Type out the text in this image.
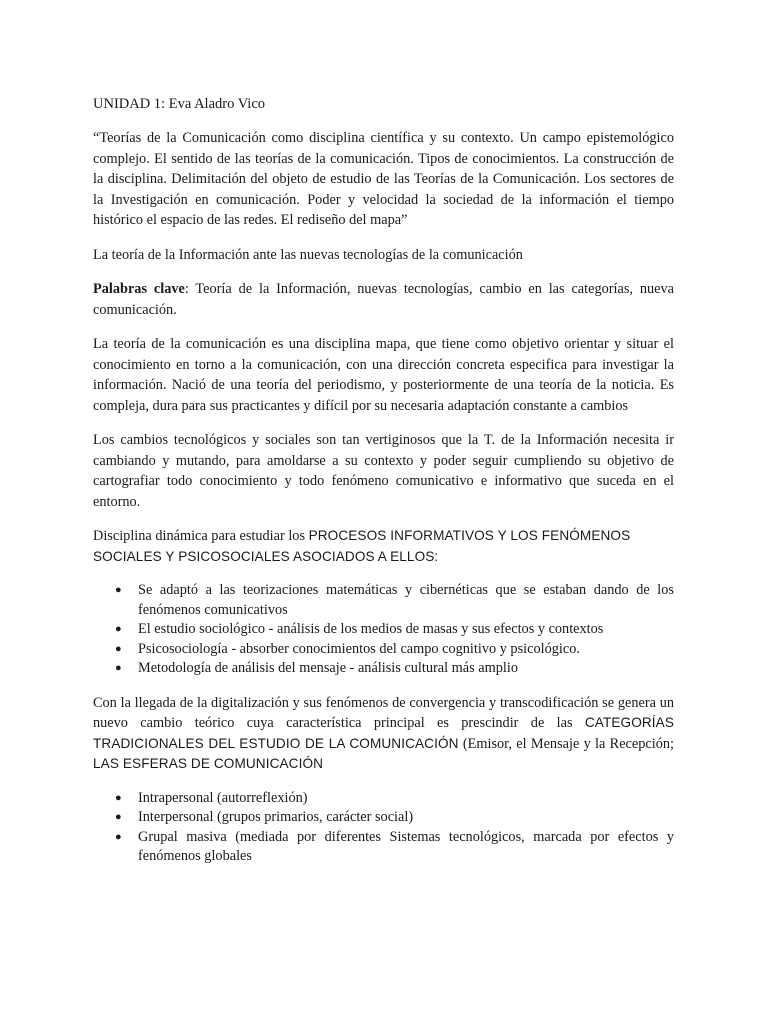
UNIDAD 1: Eva Aladro Vico

“Teorías de la Comunicación como disciplina científica y su contexto. Un campo epistemológico complejo. El sentido de las teorías de la comunicación. Tipos de conocimientos. La construcción de la disciplina. Delimitación del objeto de estudio de las Teorías de la Comunicación. Los sectores de la Investigación en comunicación. Poder y velocidad la sociedad de la información el tiempo histórico el espacio de las redes. El rediseño del mapa”

La teoría de la Información ante las nuevas tecnologías de la comunicación

Palabras clave: Teoría de la Información, nuevas tecnologías, cambio en las categorías, nueva comunicación.

La teoría de la comunicación es una disciplina mapa, que tiene como objetivo orientar y situar el conocimiento en torno a la comunicación, con una dirección concreta especifica para investigar la información. Nació de una teoría del periodismo, y posteriormente de una teoría de la noticia. Es compleja, dura para sus practicantes y difícil por su necesaria adaptación constante a cambios

Los cambios tecnológicos y sociales son tan vertiginosos que la T. de la Información necesita ir cambiando y mutando, para amoldarse a su contexto y poder seguir cumpliendo su objetivo de cartografiar todo conocimiento y todo fenómeno comunicativo e informativo que suceda en el entorno.

Disciplina dinámica para estudiar los PROCESOS INFORMATIVOS Y LOS FENÓMENOS SOCIALES Y PSICOSOCIALES ASOCIADOS A ELLOS:

● Se adaptó a las teorizaciones matemáticas y cibernéticas que se estaban dando de los fenómenos comunicativos
● El estudio sociológico - análisis de los medios de masas y sus efectos y contextos
● Psicosociología - absorber conocimientos del campo cognitivo y psicológico.
● Metodología de análisis del mensaje - análisis cultural más amplio

Con la llegada de la digitalización y sus fenómenos de convergencia y transcodificación se genera un nuevo cambio teórico cuya característica principal es prescindir de las CATEGORÍAS TRADICIONALES DEL ESTUDIO DE LA COMUNICACIÓN (Emisor, el Mensaje y la Recepción; LAS ESFERAS DE COMUNICACIÓN

● Intrapersonal (autorreflexión)
● Interpersonal (grupos primarios, carácter social)
● Grupal masiva (mediada por diferentes Sistemas tecnológicos, marcada por efectos y fenómenos globales
